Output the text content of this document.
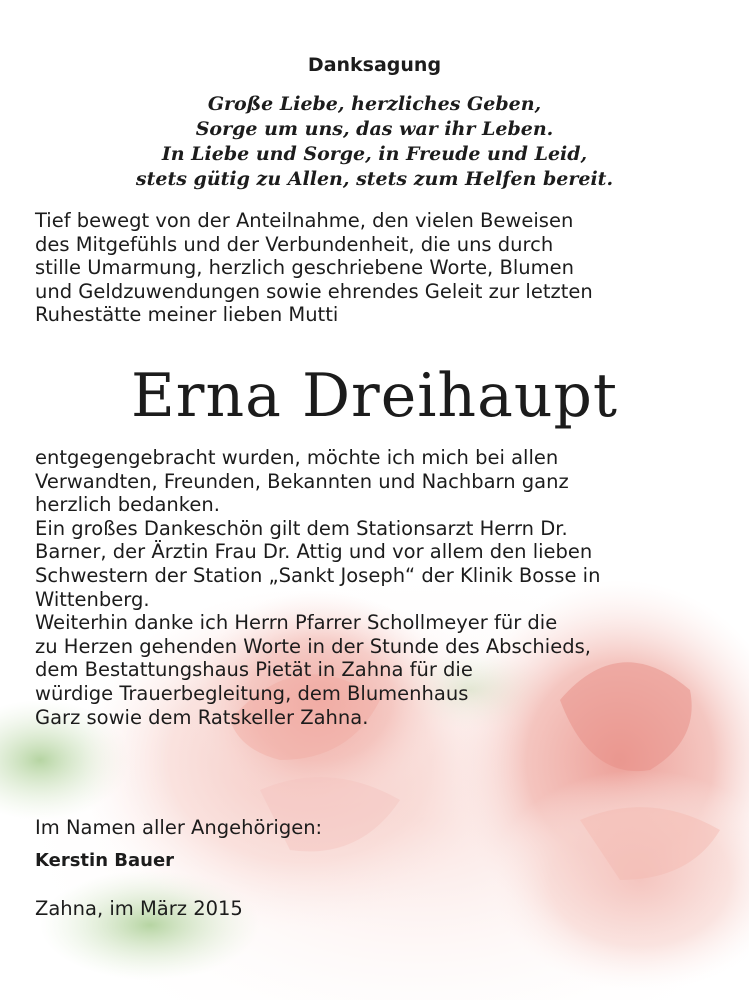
Danksagung

Große Liebe, herzliches Geben,
Sorge um uns, das war ihr Leben.
In Liebe und Sorge, in Freude und Leid,
stets gütig zu Allen, stets zum Helfen bereit.
Tief bewegt von der Anteilnahme, den vielen Beweisen
des Mitgefühls und der Verbundenheit, die uns durch
stille Umarmung, herzlich geschriebene Worte, Blumen
und Geldzuwendungen sowie ehrendes Geleit zur letzten
Ruhestätte meiner lieben Mutti

Erna Dreihaupt

entgegengebracht wurden, möchte ich mich bei allen
Verwandten, Freunden, Bekannten und Nachbarn ganz
herzlich bedanken.
Ein großes Dankeschön gilt dem Stationsarzt Herrn Dr.
Barner, der Ärztin Frau Dr. Attig und vor allem den lieben
Schwestern der Station „Sankt Joseph“ der Klinik Bosse in
Wittenberg.
Weiterhin danke ich Herrn Pfarrer Schollmeyer für die
zu Herzen gehenden Worte in der Stunde des Abschieds,
dem Bestattungshaus Pietät in Zahna für die
würdige Trauerbegleitung, dem Blumenhaus
Garz sowie dem Ratskeller Zahna.

Im Namen aller Angehörigen:

Kerstin Bauer

Zahna, im März 2015
